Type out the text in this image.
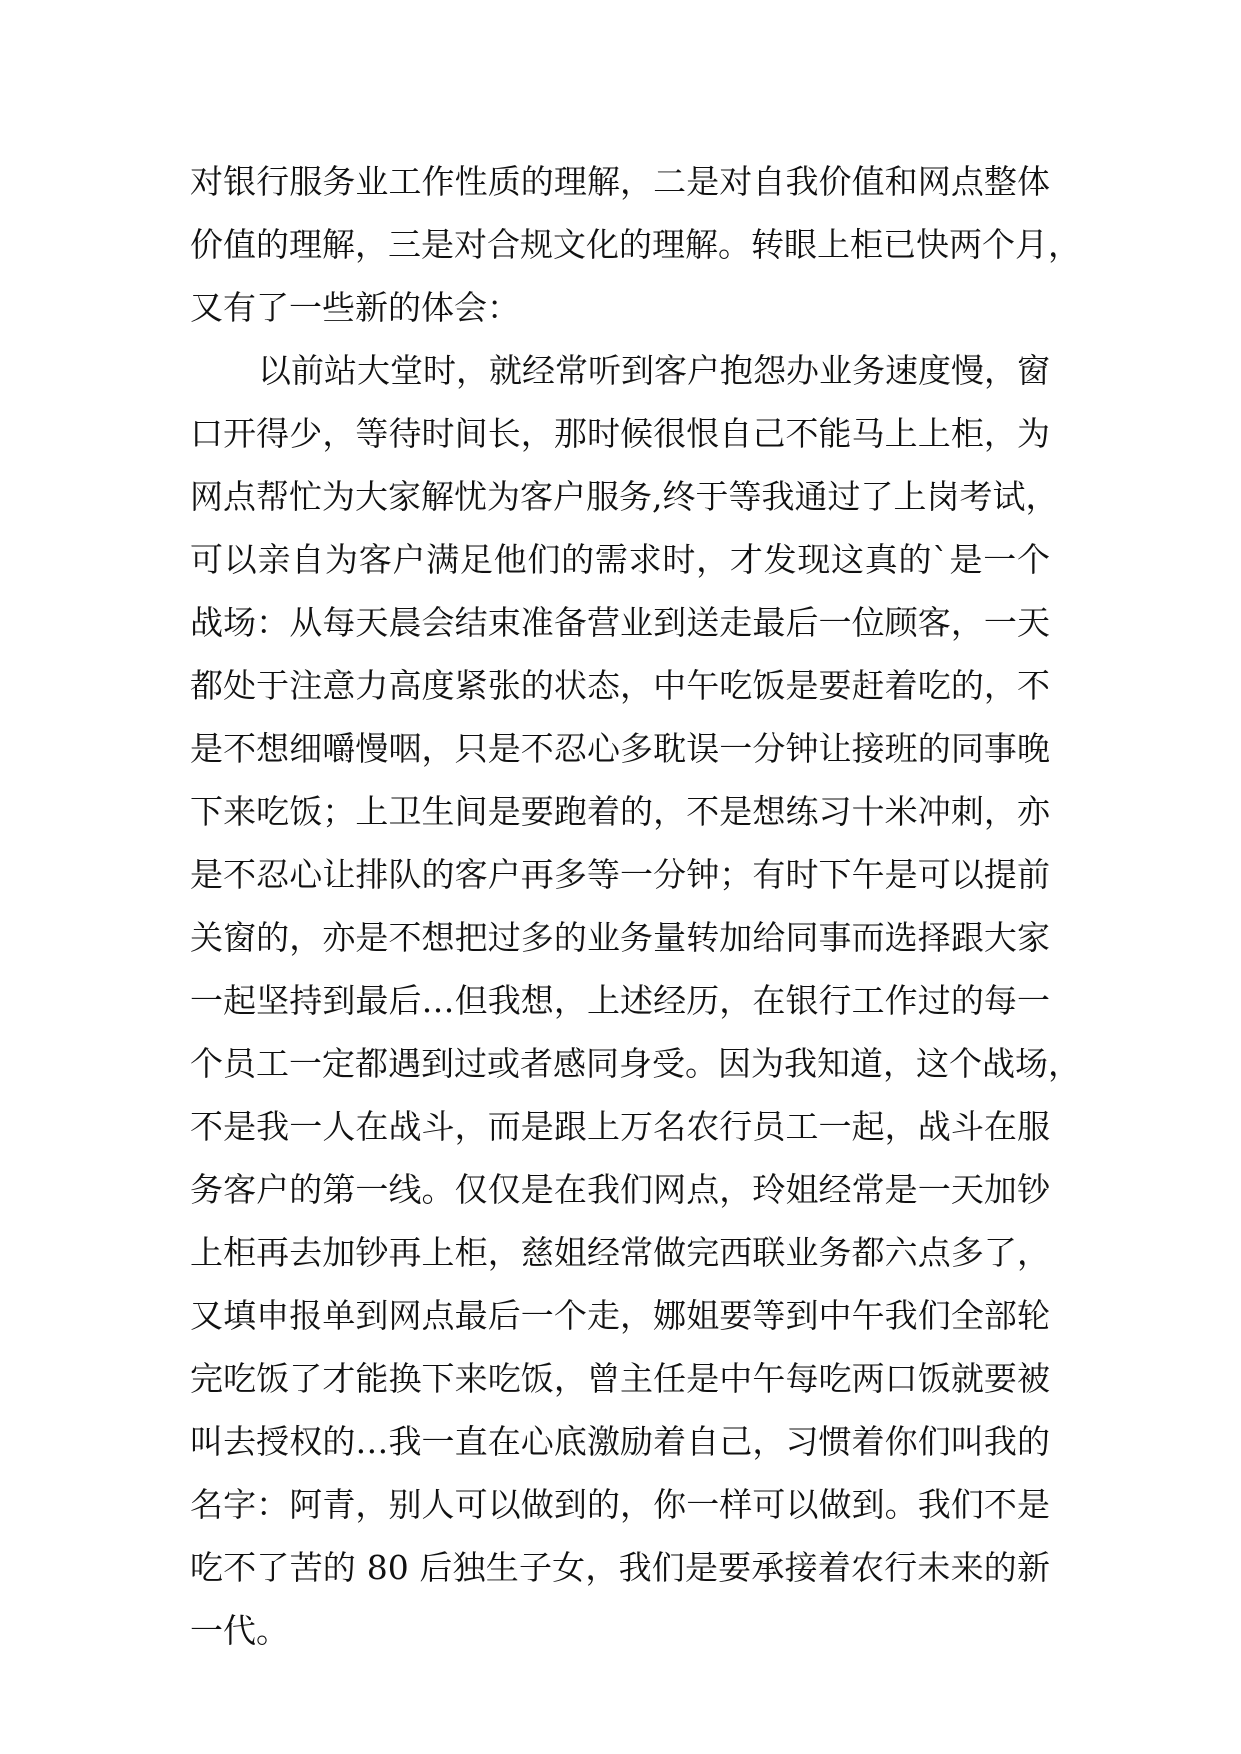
对银行服务业工作性质的理解，二是对自我价值和网点整体
价值的理解，三是对合规文化的理解。转眼上柜已快两个月，
又有了一些新的体会：
以前站大堂时，就经常听到客户抱怨办业务速度慢，窗
口开得少，等待时间长，那时候很恨自己不能马上上柜，为
网点帮忙为大家解忧为客户服务,终于等我通过了上岗考试，
可以亲自为客户满足他们的需求时，才发现这真的`是一个
战场：从每天晨会结束准备营业到送走最后一位顾客，一天
都处于注意力高度紧张的状态，中午吃饭是要赶着吃的，不
是不想细嚼慢咽，只是不忍心多耽误一分钟让接班的同事晚
下来吃饭；上卫生间是要跑着的，不是想练习十米冲刺，亦
是不忍心让排队的客户再多等一分钟；有时下午是可以提前
关窗的，亦是不想把过多的业务量转加给同事而选择跟大家
一起坚持到最后…但我想，上述经历，在银行工作过的每一
个员工一定都遇到过或者感同身受。因为我知道，这个战场，
不是我一人在战斗，而是跟上万名农行员工一起，战斗在服
务客户的第一线。仅仅是在我们网点，玲姐经常是一天加钞
上柜再去加钞再上柜，慈姐经常做完西联业务都六点多了，
又填申报单到网点最后一个走，娜姐要等到中午我们全部轮
完吃饭了才能换下来吃饭，曾主任是中午每吃两口饭就要被
叫去授权的…我一直在心底激励着自己，习惯着你们叫我的
名字：阿青，别人可以做到的，你一样可以做到。我们不是
吃不了苦的 80 后独生子女，我们是要承接着农行未来的新
一代。
